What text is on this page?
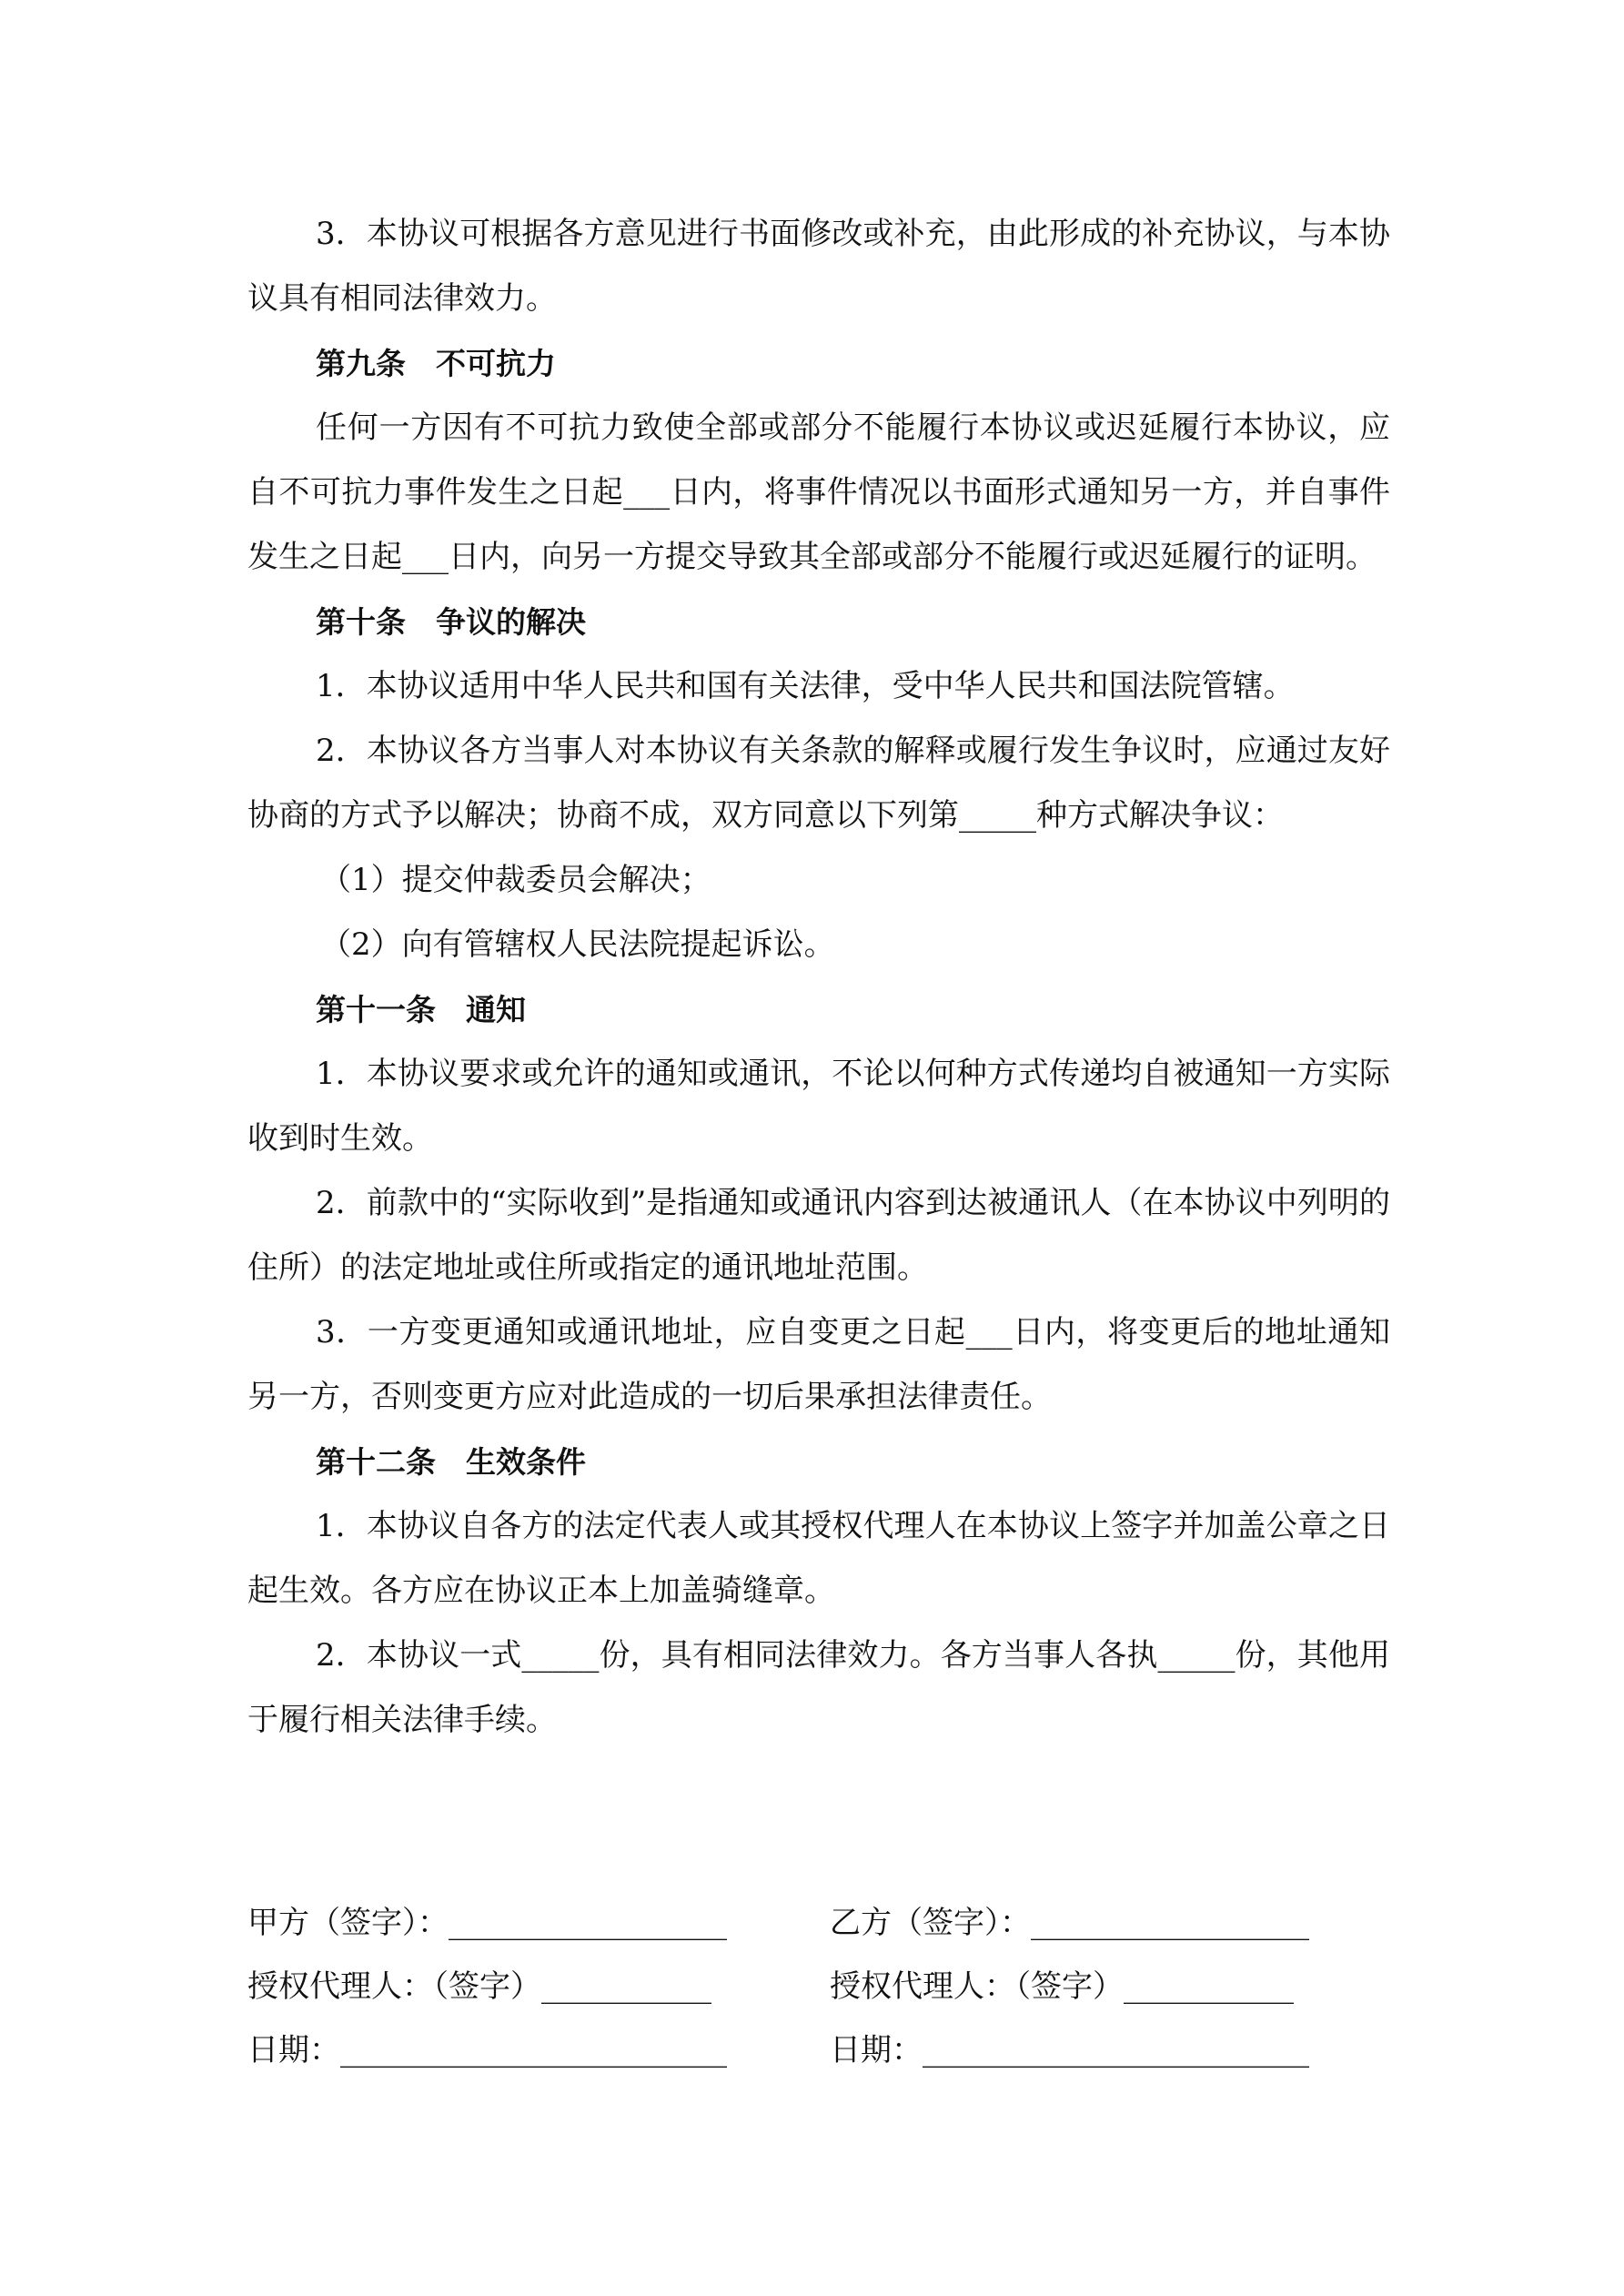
3．本协议可根据各方意见进行书面修改或补充，由此形成的补充协议，与本协议具有相同法律效力。

第九条　不可抗力

任何一方因有不可抗力致使全部或部分不能履行本协议或迟延履行本协议，应自不可抗力事件发生之日起___日内，将事件情况以书面形式通知另一方，并自事件发生之日起___日内，向另一方提交导致其全部或部分不能履行或迟延履行的证明。

第十条　争议的解决

1．本协议适用中华人民共和国有关法律，受中华人民共和国法院管辖。

2．本协议各方当事人对本协议有关条款的解释或履行发生争议时，应通过友好协商的方式予以解决；协商不成，双方同意以下列第_____种方式解决争议：

（1）提交仲裁委员会解决；

（2）向有管辖权人民法院提起诉讼。

第十一条　通知

1．本协议要求或允许的通知或通讯，不论以何种方式传递均自被通知一方实际收到时生效。

2．前款中的“实际收到”是指通知或通讯内容到达被通讯人（在本协议中列明的住所）的法定地址或住所或指定的通讯地址范围。

3．一方变更通知或通讯地址，应自变更之日起___日内，将变更后的地址通知另一方，否则变更方应对此造成的一切后果承担法律责任。

第十二条　生效条件

1．本协议自各方的法定代表人或其授权代理人在本协议上签字并加盖公章之日起生效。各方应在协议正本上加盖骑缝章。

2．本协议一式_____份，具有相同法律效力。各方当事人各执_____份，其他用于履行相关法律手续。

甲方（签字）：__________________	乙方（签字）：__________________
授权代理人：（签字）___________	授权代理人：（签字）___________
日期：_________________________	日期：_________________________
